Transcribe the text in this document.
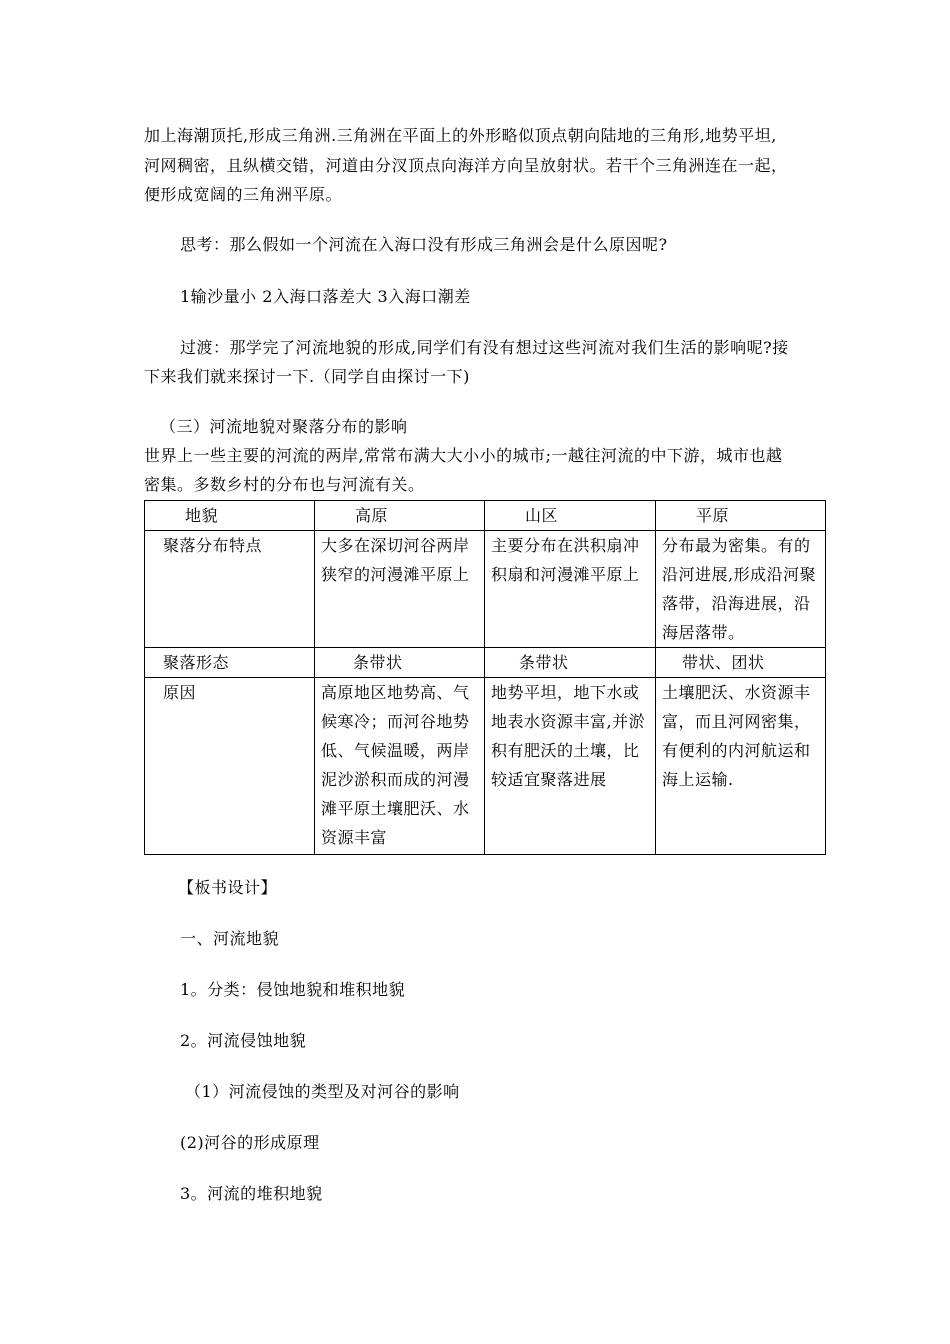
加上海潮顶托,形成三角洲.三角洲在平面上的外形略似顶点朝向陆地的三角形,地势平坦,
河网稠密，且纵横交错，河道由分汊顶点向海洋方向呈放射状。若干个三角洲连在一起，
便形成宽阔的三角洲平原。
思考：那么假如一个河流在入海口没有形成三角洲会是什么原因呢?
1输沙量小 2入海口落差大 3入海口潮差
过渡：那学完了河流地貌的形成,同学们有没有想过这些河流对我们生活的影响呢?接
下来我们就来探讨一下.（同学自由探讨一下)
（三）河流地貌对聚落分布的影响
世界上一些主要的河流的两岸,常常布满大大小小的城市;一越往河流的中下游，城市也越
密集。多数乡村的分布也与河流有关。
地貌	高原	山区	平原
聚落分布特点	大多在深切河谷两岸狭窄的河漫滩平原上	主要分布在洪积扇冲积扇和河漫滩平原上	分布最为密集。有的沿河进展,形成沿河聚落带，沿海进展，沿海居落带。
聚落形态	条带状	条带状	带状、团状
原因	高原地区地势高、气候寒冷；而河谷地势低、气候温暖，两岸泥沙淤积而成的河漫滩平原土壤肥沃、水资源丰富	地势平坦，地下水或地表水资源丰富,并淤积有肥沃的土壤，比较适宜聚落进展	土壤肥沃、水资源丰富，而且河网密集，有便利的内河航运和海上运输.
【板书设计】
一、河流地貌
1。分类：侵蚀地貌和堆积地貌
2。河流侵蚀地貌
（1）河流侵蚀的类型及对河谷的影响
(2)河谷的形成原理
3。河流的堆积地貌
